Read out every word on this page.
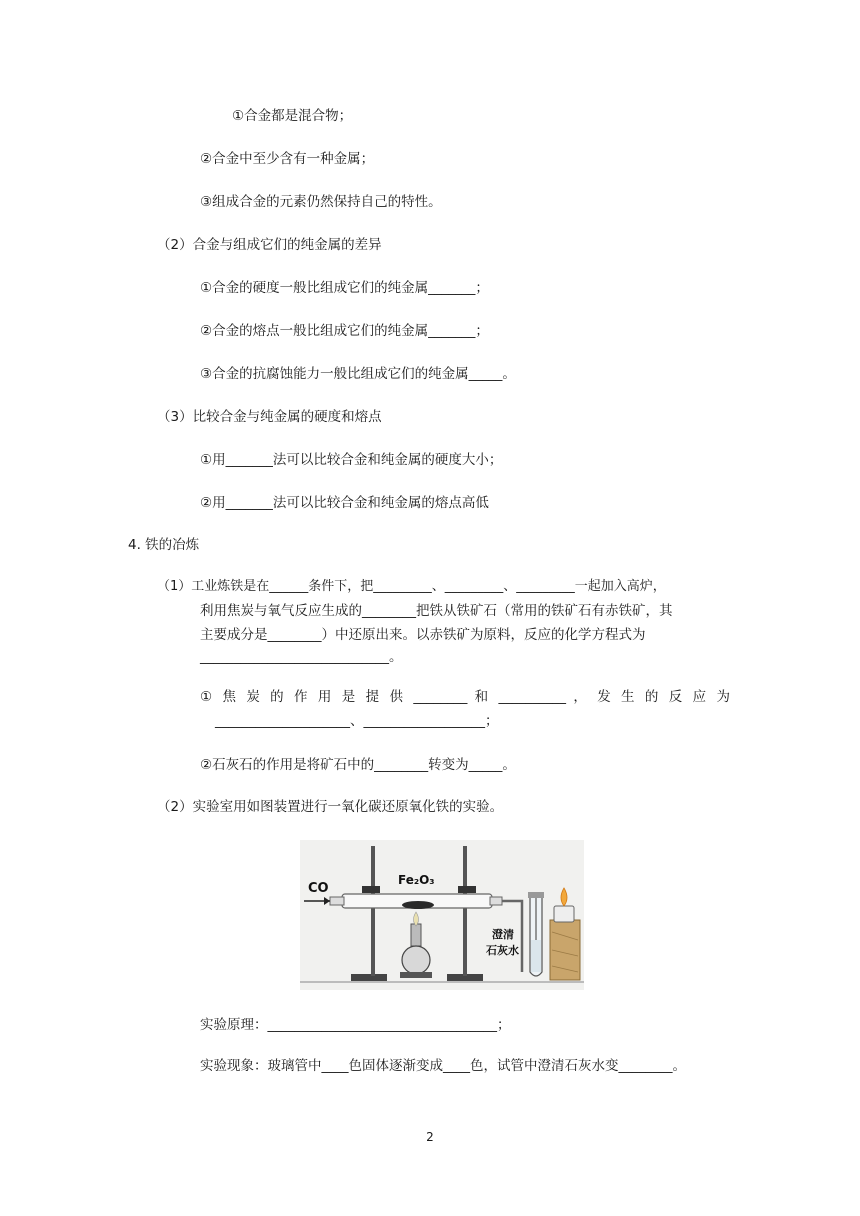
①合金都是混合物；
②合金中至少含有一种金属；
③组成合金的元素仍然保持自己的特性。
（2）合金与组成它们的纯金属的差异
①合金的硬度一般比组成它们的纯金属_______；
②合金的熔点一般比组成它们的纯金属_______；
③合金的抗腐蚀能力一般比组成它们的纯金属_____。
（3）比较合金与纯金属的硬度和熔点
①用_______法可以比较合金和纯金属的硬度大小；
②用_______法可以比较合金和纯金属的熔点高低
4. 铁的冶炼
（1）工业炼铁是在______条件下，把_________、_________、_________一起加入高炉，
利用焦炭与氧气反应生成的________把铁从铁矿石（常用的铁矿石有赤铁矿，其
主要成分是________）中还原出来。以赤铁矿为原料，反应的化学方程式为
____________________________。
① 焦 炭 的 作 用 是 提 供 ________ 和 __________ ， 发 生 的 反 应 为
____________________、__________________；
②石灰石的作用是将矿石中的________转变为_____。
（2）实验室用如图装置进行一氧化碳还原氧化铁的实验。
CO
Fe₂O₃
澄清
石灰水
实验原理：__________________________________；
实验现象：玻璃管中____色固体逐渐变成____色，试管中澄清石灰水变________。
2
